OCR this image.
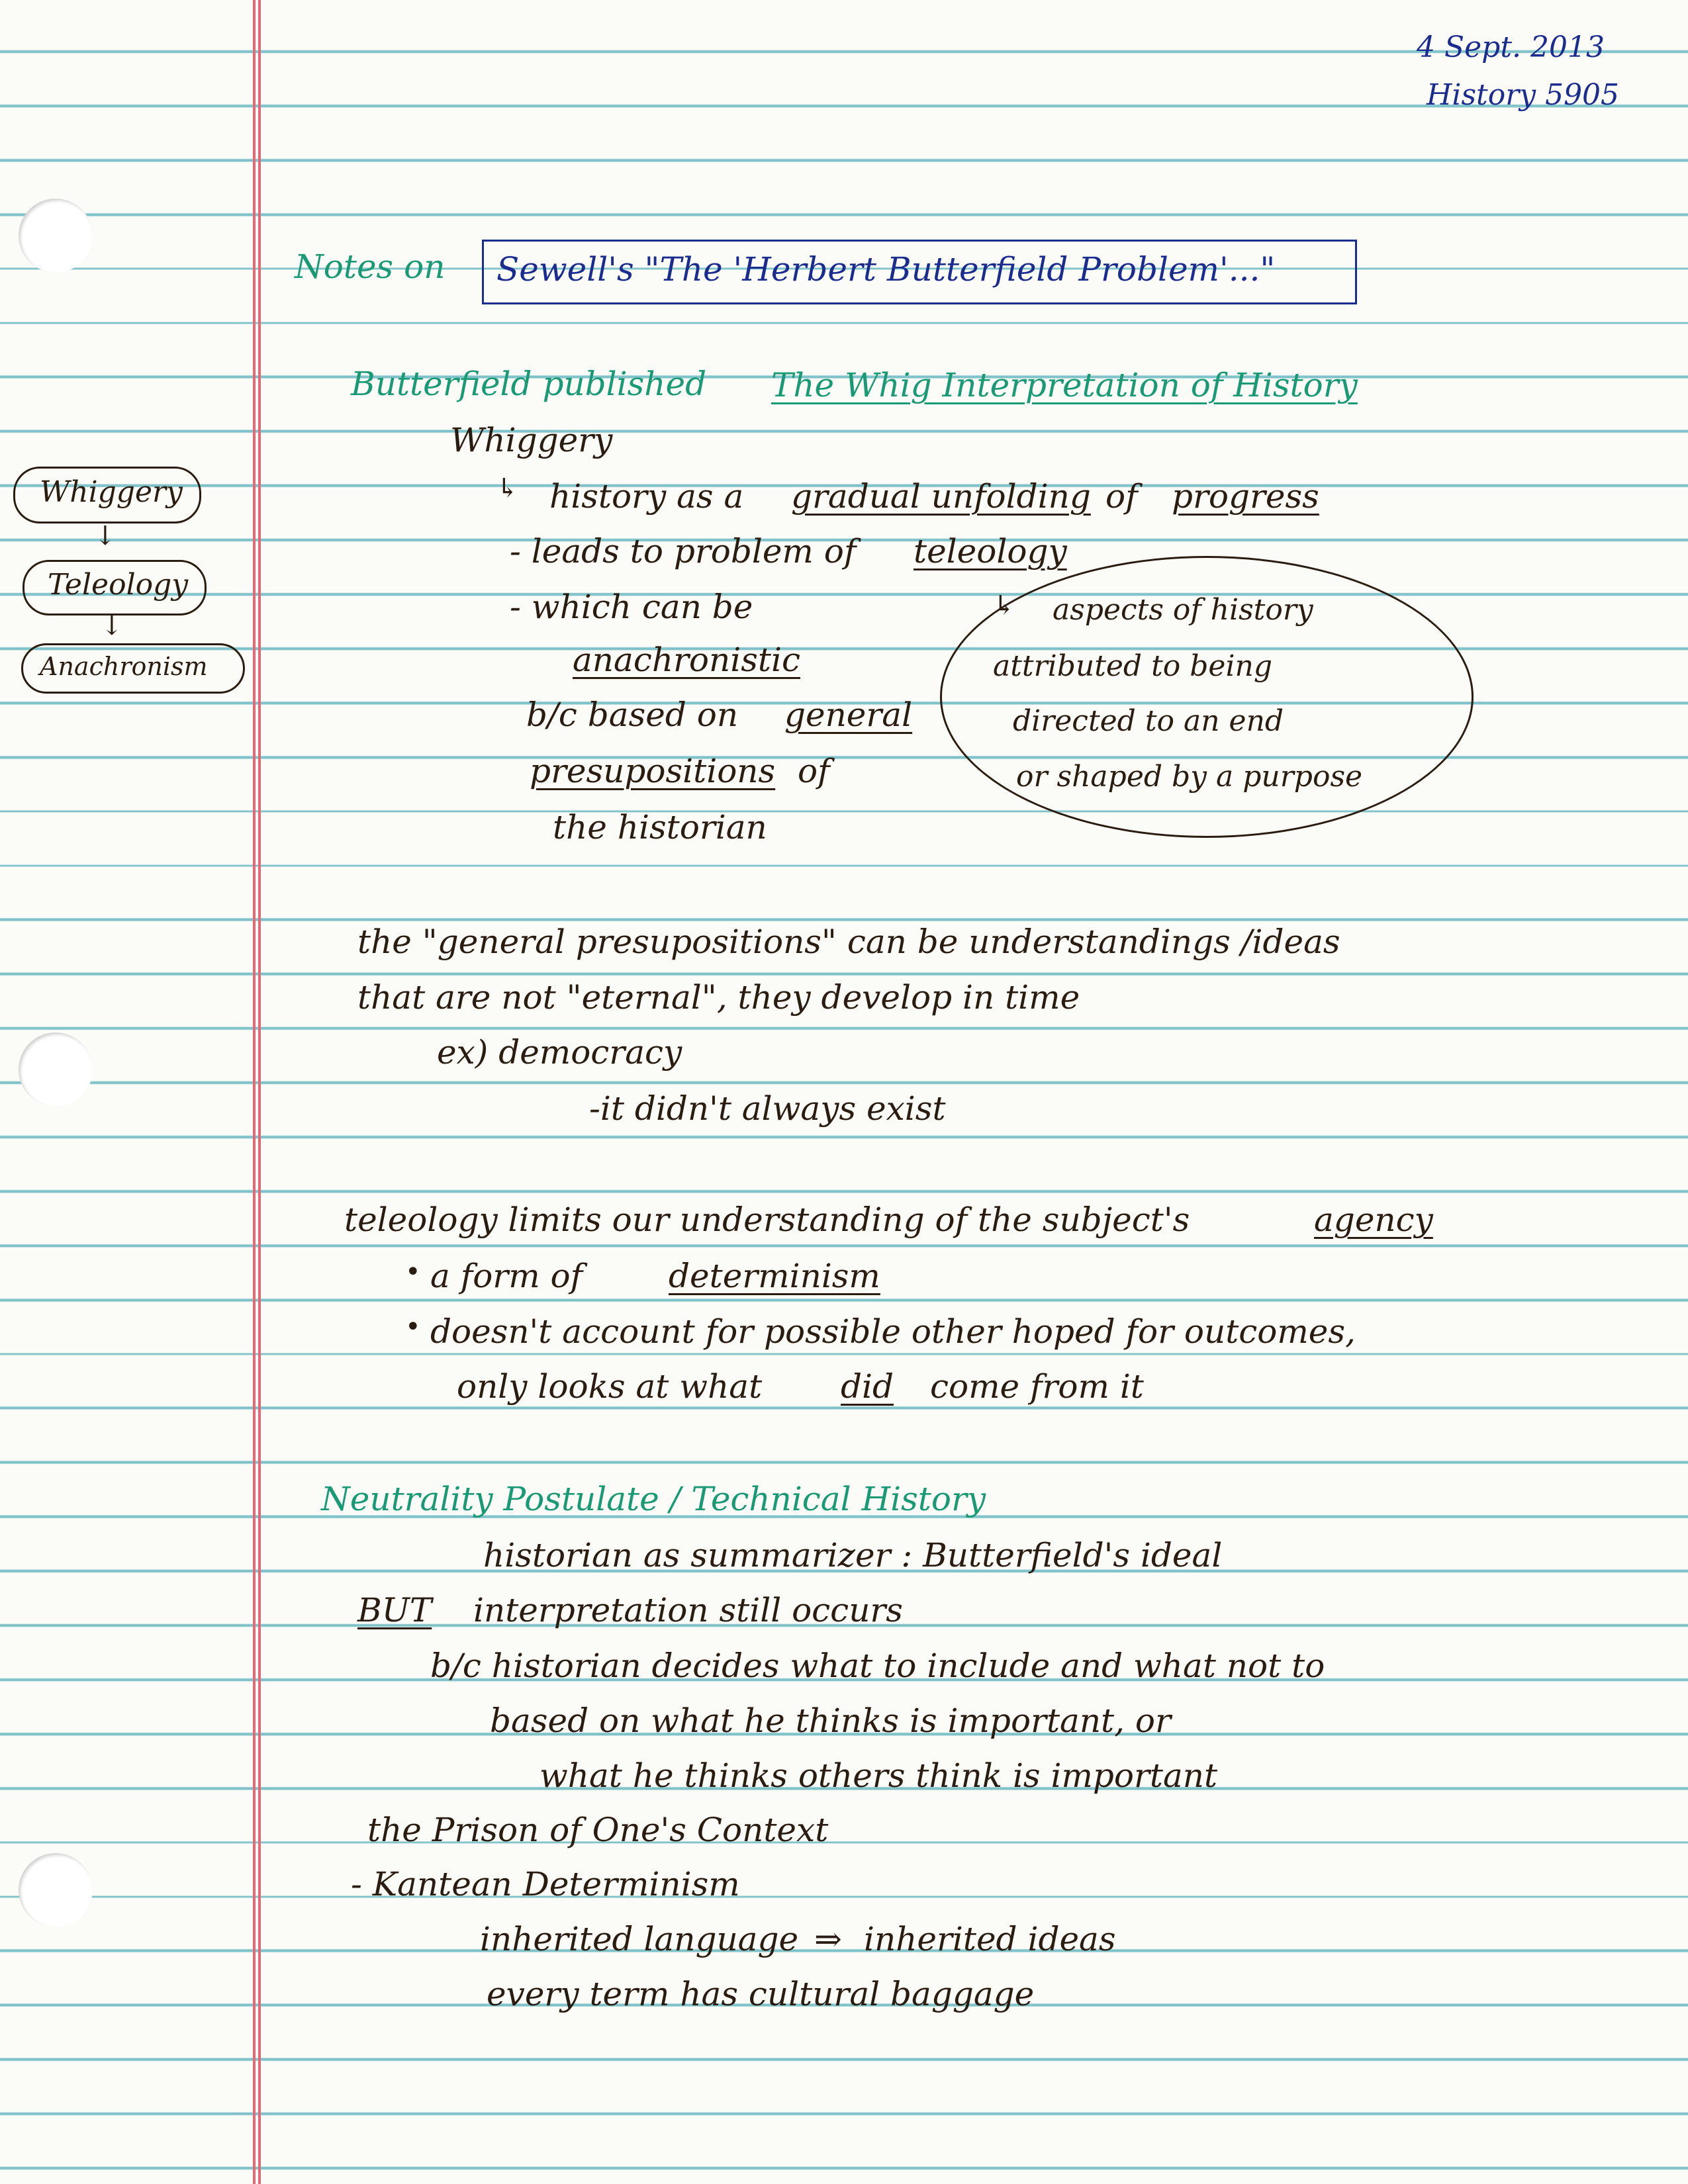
4 Sept. 2013
History 5905
Notes on Sewell's "The 'Herbert Butterfield Problem'..."
Whiggery
↓
Teleology
↓
Anachronism
Butterfield published The Whig Interpretation of History
Whiggery
↳ history as a gradual unfolding of progress
- leads to problem of teleology
- which can be
anachronistic
b/c based on general
presupositions of
the historian
↳ aspects of history
attributed to being
directed to an end
or shaped by a purpose
the "general presupositions" can be understandings /ideas
that are not "eternal", they develop in time
ex) democracy
-it didn't always exist
teleology limits our understanding of the subject's	agency
• a form of	determinism
• doesn't account for possible other hoped for outcomes,
only looks at what did come from it
Neutrality Postulate / Technical History
historian as summarizer : Butterfield's ideal
BUT interpretation still occurs
b/c historian decides what to include and what not to
based on what he thinks is important, or
what he thinks others think is important
the Prison of One's Context
- Kantean Determinism
inherited language ⇒ inherited ideas
every term has cultural baggage
